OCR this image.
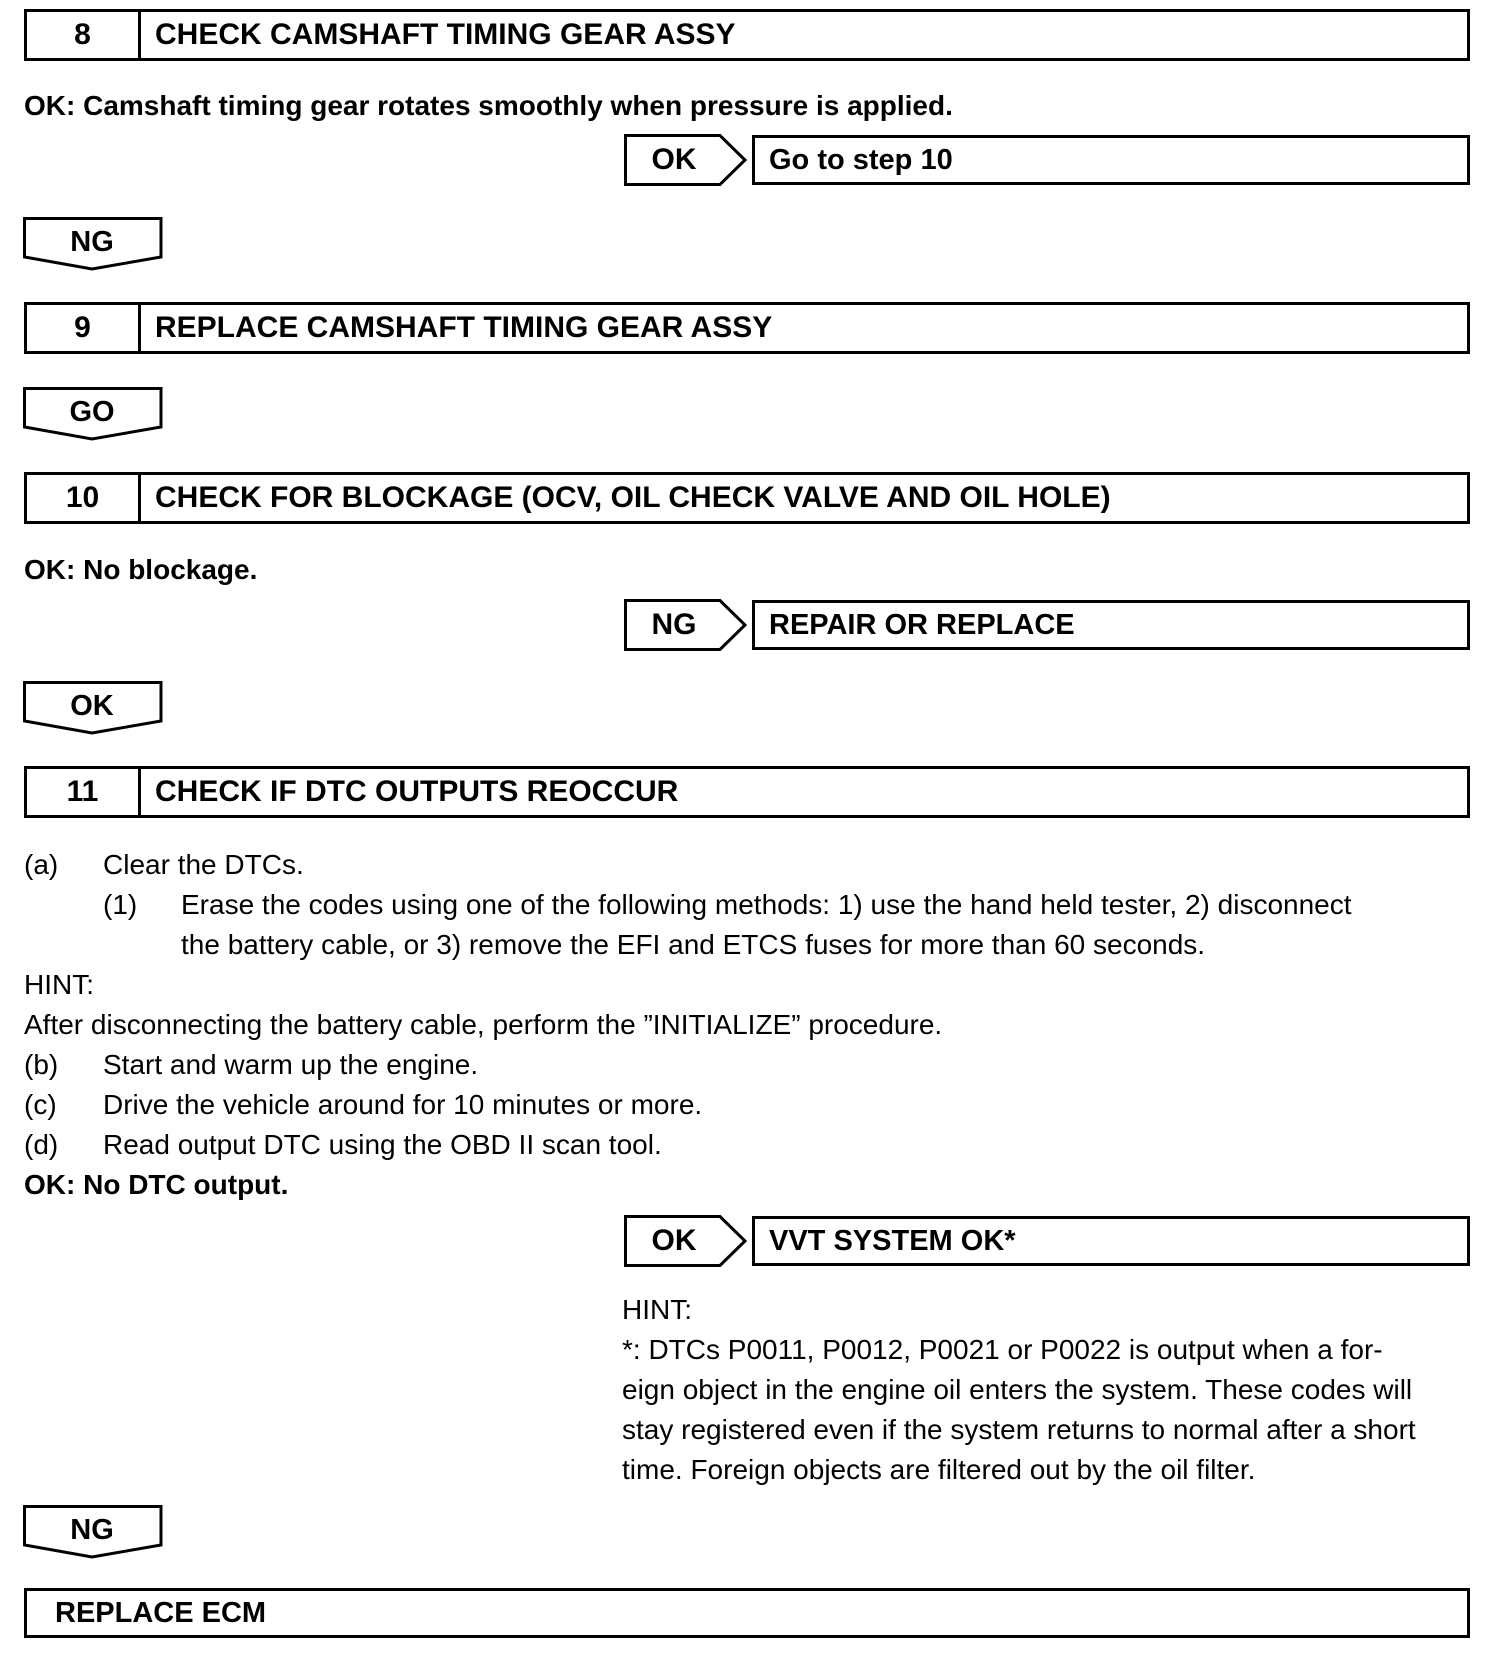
8	CHECK CAMSHAFT TIMING GEAR ASSY
OK: Camshaft timing gear rotates smoothly when pressure is applied.
OK	Go to step 10
NG
9	REPLACE CAMSHAFT TIMING GEAR ASSY
GO
10	CHECK FOR BLOCKAGE (OCV, OIL CHECK VALVE AND OIL HOLE)
OK: No blockage.
NG	REPAIR OR REPLACE
OK
11	CHECK IF DTC OUTPUTS REOCCUR
(a) Clear the DTCs.
(1) Erase the codes using one of the following methods: 1) use the hand held tester, 2) disconnect
the battery cable, or 3) remove the EFI and ETCS fuses for more than 60 seconds.
HINT:
After disconnecting the battery cable, perform the ”INITIALIZE” procedure.
(b) Start and warm up the engine.
(c) Drive the vehicle around for 10 minutes or more.
(d) Read output DTC using the OBD II scan tool.
OK: No DTC output.
OK	VVT SYSTEM OK*
HINT:
*: DTCs P0011, P0012, P0021 or P0022 is output when a for-
eign object in the engine oil enters the system. These codes will
stay registered even if the system returns to normal after a short
time. Foreign objects are filtered out by the oil filter.
NG
REPLACE ECM
